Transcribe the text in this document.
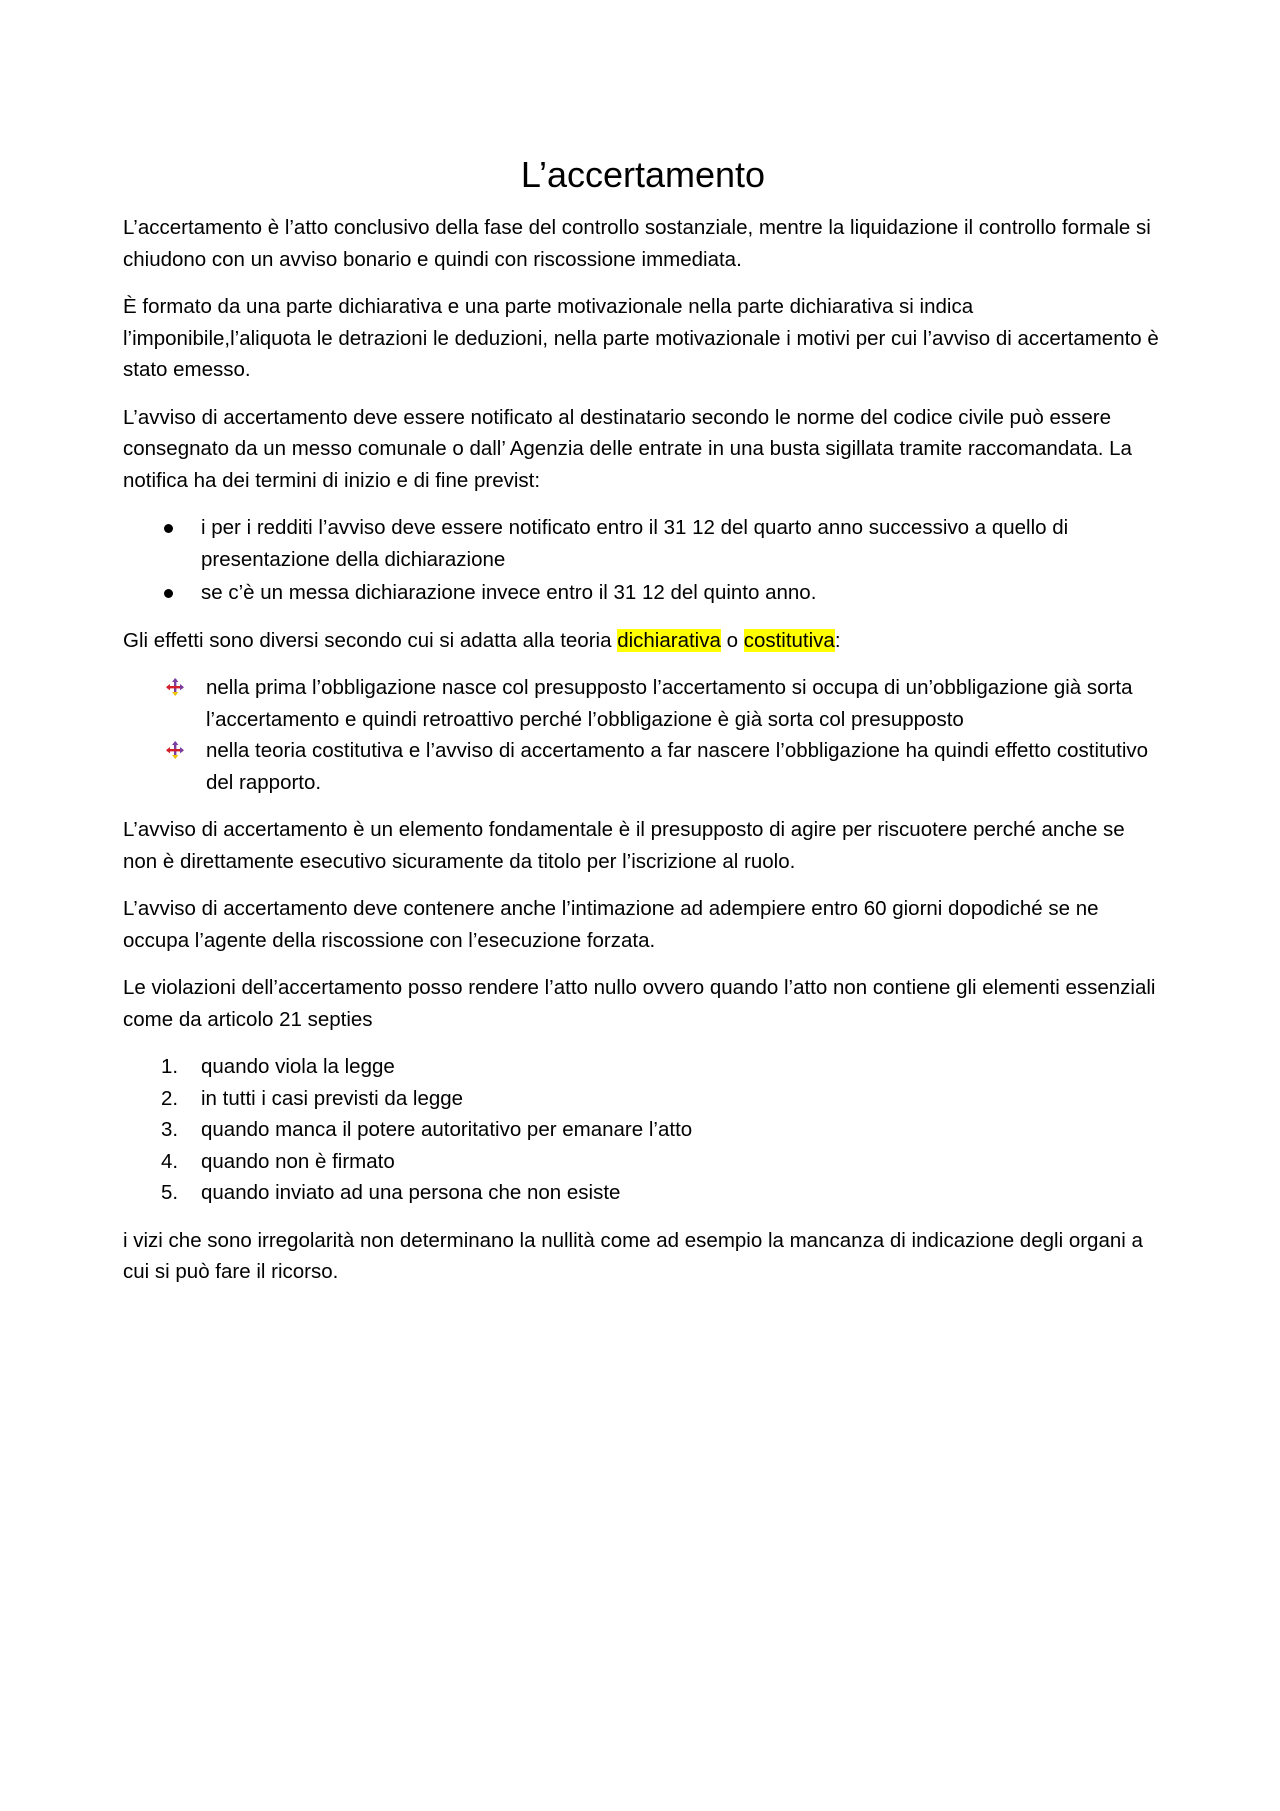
L’accertamento

L’accertamento è l’atto conclusivo della fase del controllo sostanziale, mentre la liquidazione il controllo formale si chiudono con un avviso bonario e quindi con riscossione immediata.

È formato da una parte dichiarativa e una parte motivazionale nella parte dichiarativa si indica l’imponibile,l’aliquota le detrazioni le deduzioni, nella parte motivazionale i motivi per cui l’avviso di accertamento è stato emesso.

L’avviso di accertamento deve essere notificato al destinatario secondo le norme del codice civile può essere consegnato da un messo comunale o dall’ Agenzia delle entrate in una busta sigillata tramite raccomandata. La notifica ha dei termini di inizio e di fine previst:

i per i redditi l’avviso deve essere notificato entro il 31 12 del quarto anno successivo a quello di presentazione della dichiarazione
se c’è un messa dichiarazione invece entro il 31 12 del quinto anno.

Gli effetti sono diversi secondo cui si adatta alla teoria dichiarativa o costitutiva:

nella prima l’obbligazione nasce col presupposto l’accertamento si occupa di un’obbligazione già sorta l’accertamento e quindi retroattivo perché l’obbligazione è già sorta col presupposto
nella teoria costitutiva e l’avviso di accertamento a far nascere l’obbligazione ha quindi effetto costitutivo del rapporto.

L’avviso di accertamento è un elemento fondamentale è il presupposto di agire per riscuotere perché anche se non è direttamente esecutivo sicuramente da titolo per l’iscrizione al ruolo.

L’avviso di accertamento deve contenere anche l’intimazione ad adempiere entro 60 giorni dopodiché se ne occupa l’agente della riscossione con l’esecuzione forzata.

Le violazioni dell’accertamento posso rendere l’atto nullo ovvero quando l’atto non contiene gli elementi essenziali come da articolo 21 septies

1. quando viola la legge
2. in tutti i casi previsti da legge
3. quando manca il potere autoritativo per emanare l’atto
4. quando non è firmato
5. quando inviato ad una persona che non esiste

i vizi che sono irregolarità non determinano la nullità come ad esempio la mancanza di indicazione degli organi a cui si può fare il ricorso.
